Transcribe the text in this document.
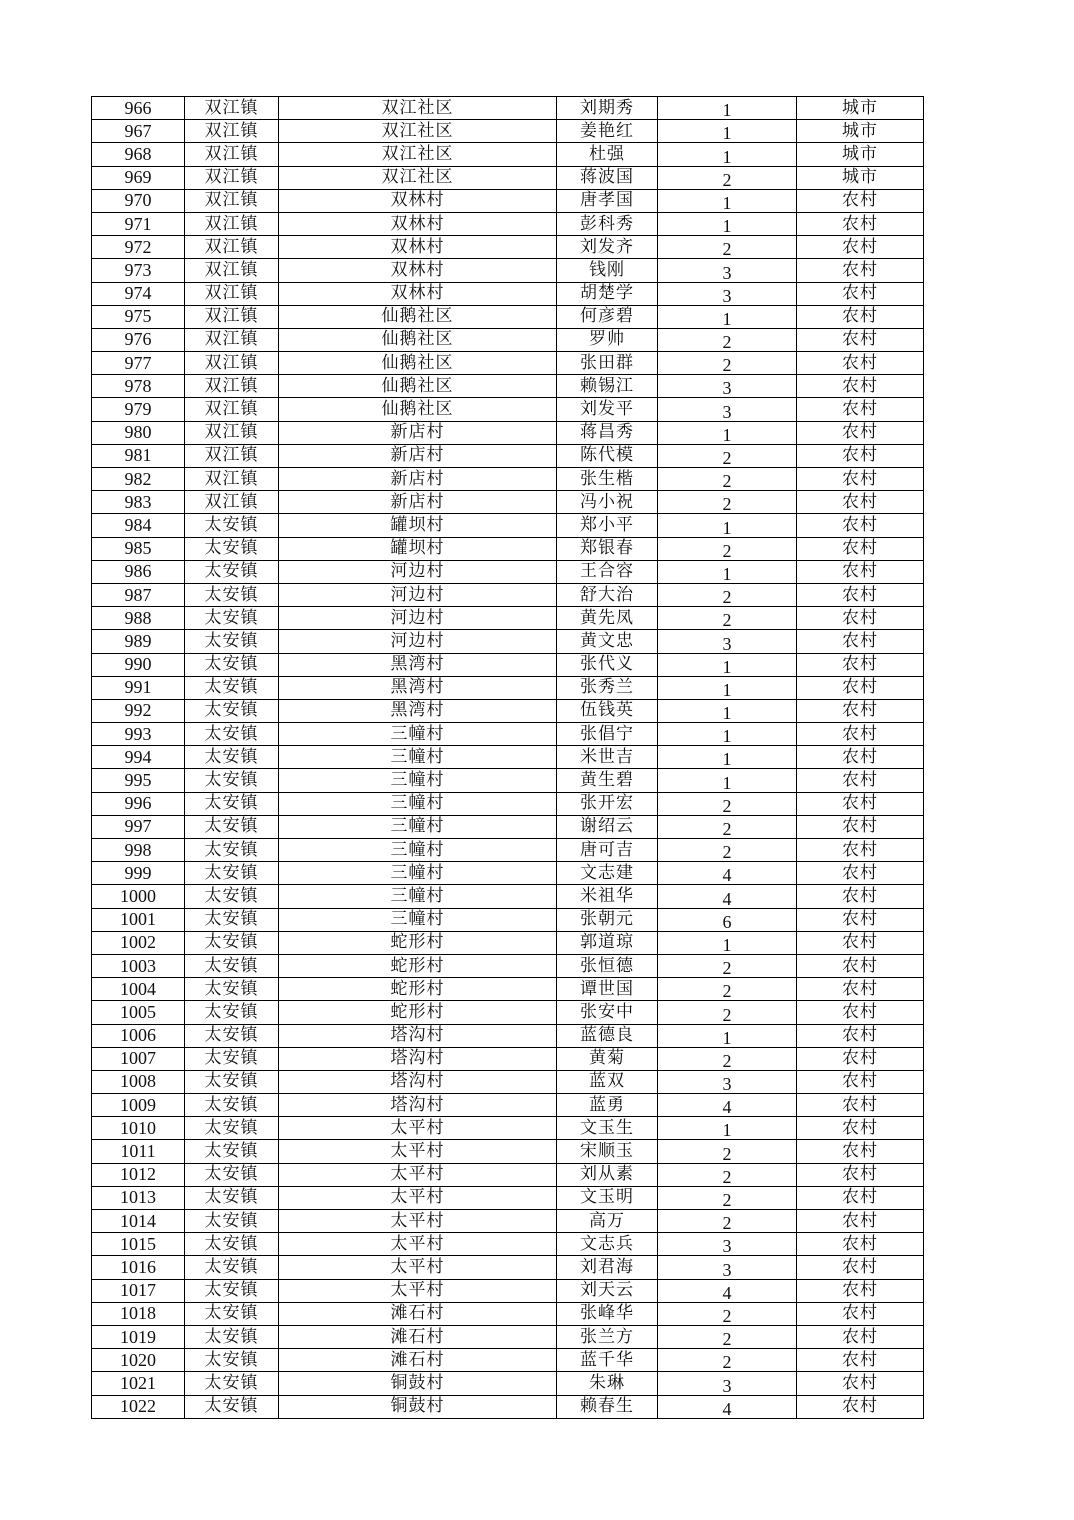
966	双江镇	双江社区	刘期秀	1	城市
967	双江镇	双江社区	姜艳红	1	城市
968	双江镇	双江社区	杜强	1	城市
969	双江镇	双江社区	蒋波国	2	城市
970	双江镇	双林村	唐孝国	1	农村
971	双江镇	双林村	彭科秀	1	农村
972	双江镇	双林村	刘发齐	2	农村
973	双江镇	双林村	钱刚	3	农村
974	双江镇	双林村	胡楚学	3	农村
975	双江镇	仙鹅社区	何彦碧	1	农村
976	双江镇	仙鹅社区	罗帅	2	农村
977	双江镇	仙鹅社区	张田群	2	农村
978	双江镇	仙鹅社区	赖锡江	3	农村
979	双江镇	仙鹅社区	刘发平	3	农村
980	双江镇	新店村	蒋昌秀	1	农村
981	双江镇	新店村	陈代模	2	农村
982	双江镇	新店村	张生楷	2	农村
983	双江镇	新店村	冯小祝	2	农村
984	太安镇	罐坝村	郑小平	1	农村
985	太安镇	罐坝村	郑银春	2	农村
986	太安镇	河边村	王合容	1	农村
987	太安镇	河边村	舒大治	2	农村
988	太安镇	河边村	黄先凤	2	农村
989	太安镇	河边村	黄文忠	3	农村
990	太安镇	黑湾村	张代义	1	农村
991	太安镇	黑湾村	张秀兰	1	农村
992	太安镇	黑湾村	伍钱英	1	农村
993	太安镇	三幢村	张倡宁	1	农村
994	太安镇	三幢村	米世吉	1	农村
995	太安镇	三幢村	黄生碧	1	农村
996	太安镇	三幢村	张开宏	2	农村
997	太安镇	三幢村	谢绍云	2	农村
998	太安镇	三幢村	唐可吉	2	农村
999	太安镇	三幢村	文志建	4	农村
1000	太安镇	三幢村	米祖华	4	农村
1001	太安镇	三幢村	张朝元	6	农村
1002	太安镇	蛇形村	郭道琼	1	农村
1003	太安镇	蛇形村	张恒德	2	农村
1004	太安镇	蛇形村	谭世国	2	农村
1005	太安镇	蛇形村	张安中	2	农村
1006	太安镇	塔沟村	蓝德良	1	农村
1007	太安镇	塔沟村	黄菊	2	农村
1008	太安镇	塔沟村	蓝双	3	农村
1009	太安镇	塔沟村	蓝勇	4	农村
1010	太安镇	太平村	文玉生	1	农村
1011	太安镇	太平村	宋顺玉	2	农村
1012	太安镇	太平村	刘从素	2	农村
1013	太安镇	太平村	文玉明	2	农村
1014	太安镇	太平村	高万	2	农村
1015	太安镇	太平村	文志兵	3	农村
1016	太安镇	太平村	刘君海	3	农村
1017	太安镇	太平村	刘天云	4	农村
1018	太安镇	滩石村	张峰华	2	农村
1019	太安镇	滩石村	张兰方	2	农村
1020	太安镇	滩石村	蓝千华	2	农村
1021	太安镇	铜鼓村	朱琳	3	农村
1022	太安镇	铜鼓村	赖春生	4	农村
